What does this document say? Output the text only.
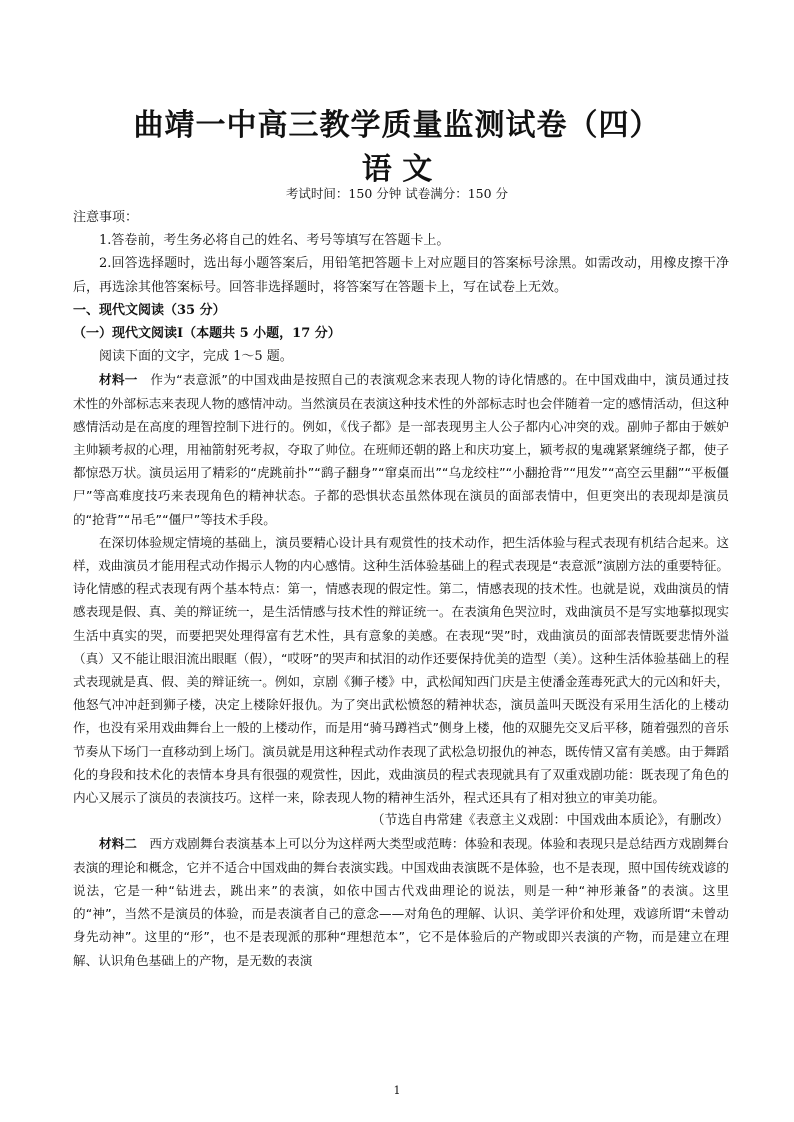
曲靖一中高三教学质量监测试卷（四）
语 文
考试时间：150 分钟 试卷满分：150 分

注意事项：

1.答卷前，考生务必将自己的姓名、考号等填写在答题卡上。

2.回答选择题时，选出每小题答案后，用铅笔把答题卡上对应题目的答案标号涂黑。如需改动，用橡皮擦干净后，再选涂其他答案标号。回答非选择题时，将答案写在答题卡上，写在试卷上无效。

一、现代文阅读（35 分）

（一）现代文阅读Ⅰ（本题共 5 小题，17 分）

阅读下面的文字，完成 1～5 题。

材料一  作为“表意派”的中国戏曲是按照自己的表演观念来表现人物的诗化情感的。在中国戏曲中，演员通过技术性的外部标志来表现人物的感情冲动。当然演员在表演这种技术性的外部标志时也会伴随着一定的感情活动，但这种感情活动是在高度的理智控制下进行的。例如，《伐子都》是一部表现男主人公子都内心冲突的戏。副帅子都由于嫉妒主帅颍考叔的心理，用袖箭射死考叔，夺取了帅位。在班师还朝的路上和庆功宴上，颍考叔的鬼魂紧紧缠绕子都，使子都惊恐万状。演员运用了精彩的“虎跳前扑”“鹞子翻身”“窜桌而出”“乌龙绞柱”“小翻抢背”“甩发”“高空云里翻”“平板僵尸”等高难度技巧来表现角色的精神状态。子都的恐惧状态虽然体现在演员的面部表情中，但更突出的表现却是演员的“抢背”“吊毛”“僵尸”等技术手段。

在深切体验规定情境的基础上，演员要精心设计具有观赏性的技术动作，把生活体验与程式表现有机结合起来。这样，戏曲演员才能用程式动作揭示人物的内心感情。这种生活体验基础上的程式表现是“表意派”演剧方法的重要特征。诗化情感的程式表现有两个基本特点：第一，情感表现的假定性。第二，情感表现的技术性。也就是说，戏曲演员的情感表现是假、真、美的辩证统一，是生活情感与技术性的辩证统一。在表演角色哭泣时，戏曲演员不是写实地摹拟现实生活中真实的哭，而要把哭处理得富有艺术性，具有意象的美感。在表现“哭”时，戏曲演员的面部表情既要悲情外溢（真）又不能让眼泪流出眼眶（假），“哎呀”的哭声和拭泪的动作还要保持优美的造型（美）。这种生活体验基础上的程式表现就是真、假、美的辩证统一。例如，京剧《狮子楼》中，武松闻知西门庆是主使潘金莲毒死武大的元凶和奸夫，他怒气冲冲赶到狮子楼，决定上楼除奸报仇。为了突出武松愤怒的精神状态，演员盖叫天既没有采用生活化的上楼动作，也没有采用戏曲舞台上一般的上楼动作，而是用“骑马蹲裆式”侧身上楼，他的双腿先交叉后平移，随着强烈的音乐节奏从下场门一直移动到上场门。演员就是用这种程式动作表现了武松急切报仇的神态，既传情又富有美感。由于舞蹈化的身段和技术化的表情本身具有很强的观赏性，因此，戏曲演员的程式表现就具有了双重戏剧功能：既表现了角色的内心又展示了演员的表演技巧。这样一来，除表现人物的精神生活外，程式还具有了相对独立的审美功能。

（节选自冉常建《表意主义戏剧：中国戏曲本质论》，有删改）

材料二  西方戏剧舞台表演基本上可以分为这样两大类型或范畴：体验和表现。体验和表现只是总结西方戏剧舞台表演的理论和概念，它并不适合中国戏曲的舞台表演实践。中国戏曲表演既不是体验，也不是表现，照中国传统戏谚的说法，它是一种“钻进去，跳出来”的表演，如依中国古代戏曲理论的说法，则是一种“神形兼备”的表演。这里的“神”，当然不是演员的体验，而是表演者自己的意念——对角色的理解、认识、美学评价和处理，戏谚所谓“未曾动身先动神”。这里的“形”，也不是表现派的那种“理想范本”，它不是体验后的产物或即兴表演的产物，而是建立在理解、认识角色基础上的产物，是无数的表演

1
